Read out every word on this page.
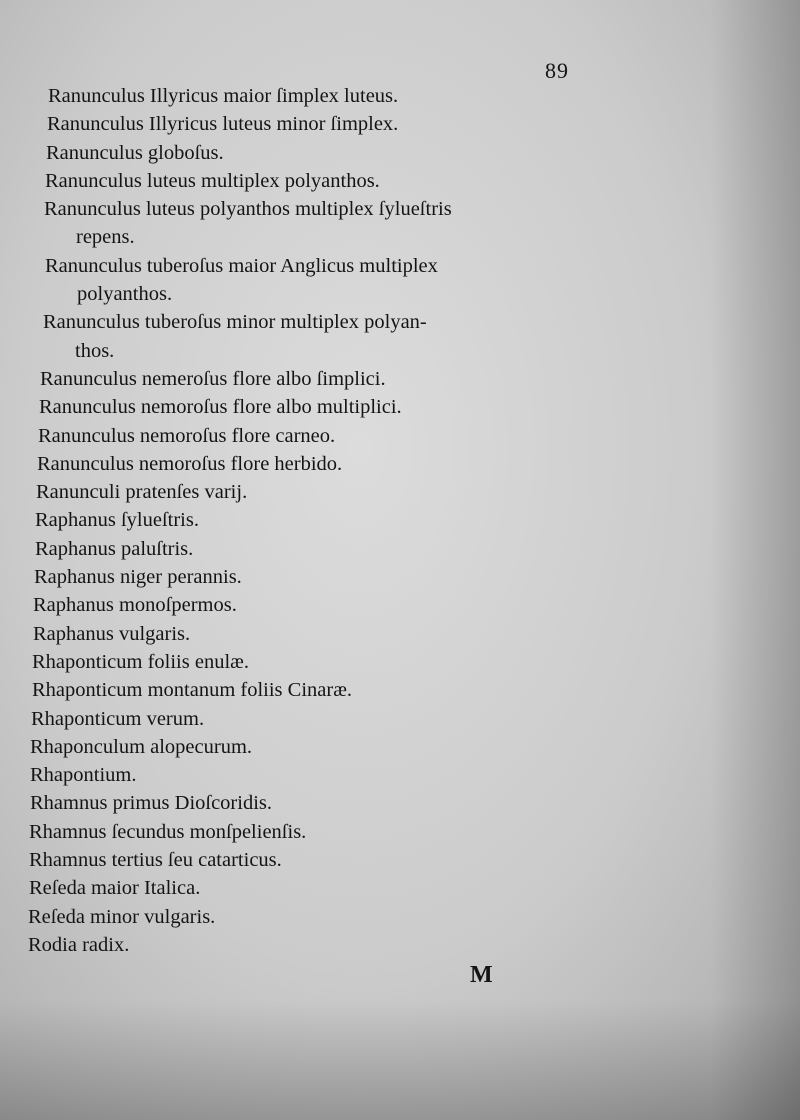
89
Ranunculus Illyricus maior ſimplex luteus.
Ranunculus Illyricus luteus minor ſimplex.
Ranunculus globoſus.
Ranunculus luteus multiplex polyanthos.
Ranunculus luteus polyanthos multiplex ſylueſtris
repens.
Ranunculus tuberoſus maior Anglicus multiplex
polyanthos.
Ranunculus tuberoſus minor multiplex polyan-
thos.
Ranunculus nemeroſus flore albo ſimplici.
Ranunculus nemoroſus flore albo multiplici.
Ranunculus nemoroſus flore carneo.
Ranunculus nemoroſus flore herbido.
Ranunculi pratenſes varij.
Raphanus ſylueſtris.
Raphanus paluſtris.
Raphanus niger perannis.
Raphanus monoſpermos.
Raphanus vulgaris.
Rhaponticum foliis enulæ.
Rhaponticum montanum foliis Cinaræ.
Rhaponticum verum.
Rhaponculum alopecurum.
Rhapontium.
Rhamnus primus Dioſcoridis.
Rhamnus ſecundus monſpelienſis.
Rhamnus tertius ſeu catarticus.
Reſeda maior Italica.
Reſeda minor vulgaris.
Rodia radix.
M
